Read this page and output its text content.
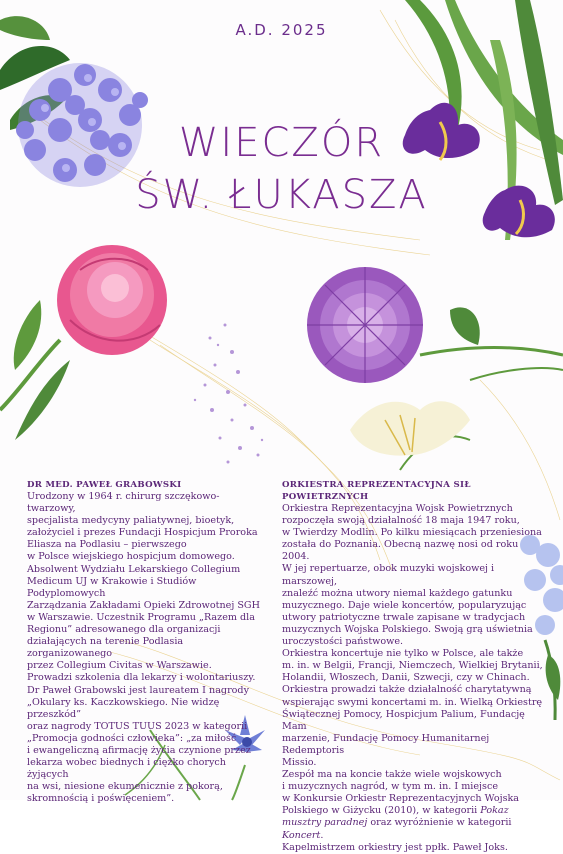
A.D. 2025
WIECZÓR
ŚW. ŁUKASZA
DR MED. PAWEŁ GRABOWSKI

Urodzony w 1964 r. chirurg szczękowo-twarzowy,
specjalista medycyny paliatywnej, bioetyk,
założyciel i prezes Fundacji Hospicjum Proroka
Eliasza na Podlasiu – pierwszego
w Polsce wiejskiego hospicjum domowego.
Absolwent Wydziału Lekarskiego Collegium
Medicum UJ w Krakowie i Studiów Podyplomowych
Zarządzania Zakładami Opieki Zdrowotnej SGH
w Warszawie. Uczestnik Programu „Razem dla
Regionu” adresowanego dla organizacji
działających na terenie Podlasia zorganizowanego
przez Collegium Civitas w Warszawie.
Prowadzi szkolenia dla lekarzy i wolontariuszy.
Dr Paweł Grabowski jest laureatem I nagrody
„Okulary ks. Kaczkowskiego. Nie widzę przeszkód”
oraz nagrody TOTUS TUUS 2023 w kategorii
„Promocja godności człowieka”: „za miłość
i ewangeliczną afirmację życia czynione przez
lekarza wobec biednych i ciężko chorych żyjących
na wsi, niesione ekumenicznie z pokorą,
skromnością i poświęceniem”.

ORKIESTRA REPREZENTACYJNA SIŁ POWIETRZNYCH

Orkiestra Reprezentacyjna Wojsk Powietrznych
rozpoczęła swoją działalność 18 maja 1947 roku,
w Twierdzy Modlin. Po kilku miesiącach przeniesiona
została do Poznania. Obecną nazwę nosi od roku 2004.
W jej repertuarze, obok muzyki wojskowej i marszowej,
znaleźć można utwory niemal każdego gatunku
muzycznego. Daje wiele koncertów, popularyzując
utwory patriotyczne trwale zapisane w tradycjach
muzycznych Wojska Polskiego. Swoją grą uświetnia
uroczystości państwowe.
Orkiestra koncertuje nie tylko w Polsce, ale także
m. in. w Belgii, Francji, Niemczech, Wielkiej Brytanii,
Holandii, Włoszech, Danii, Szwecji, czy w Chinach.
Orkiestra prowadzi także działalność charytatywną
wspierając swymi koncertami m. in. Wielką Orkiestrę
Świątecznej Pomocy, Hospicjum Palium, Fundację Mam
marzenie, Fundację Pomocy Humanitarnej Redemptoris
Missio.
Zespół ma na koncie także wiele wojskowych
i muzycznych nagród, w tym m. in. I miejsce
w Konkursie Orkiestr Reprezentacyjnych Wojska
Polskiego w Giżycku (2010), w kategorii Pokaz musztry paradnej oraz wyróżnienie w kategorii Koncert.
Kapelmistrzem orkiestry jest ppłk. Paweł Joks.
